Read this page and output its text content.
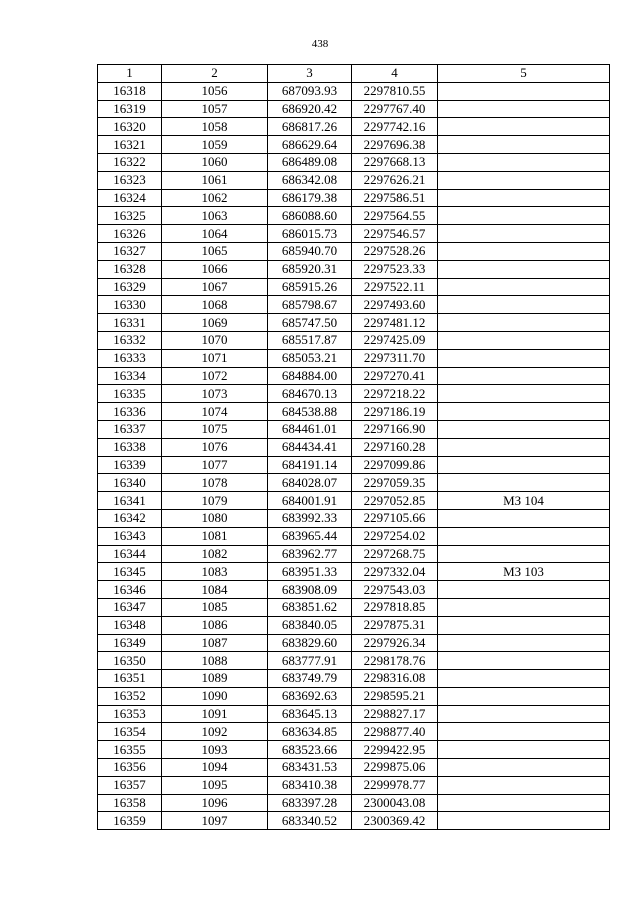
438
1	2	3	4	5
16318	1056	687093.93	2297810.55	
16319	1057	686920.42	2297767.40	
16320	1058	686817.26	2297742.16	
16321	1059	686629.64	2297696.38	
16322	1060	686489.08	2297668.13	
16323	1061	686342.08	2297626.21	
16324	1062	686179.38	2297586.51	
16325	1063	686088.60	2297564.55	
16326	1064	686015.73	2297546.57	
16327	1065	685940.70	2297528.26	
16328	1066	685920.31	2297523.33	
16329	1067	685915.26	2297522.11	
16330	1068	685798.67	2297493.60	
16331	1069	685747.50	2297481.12	
16332	1070	685517.87	2297425.09	
16333	1071	685053.21	2297311.70	
16334	1072	684884.00	2297270.41	
16335	1073	684670.13	2297218.22	
16336	1074	684538.88	2297186.19	
16337	1075	684461.01	2297166.90	
16338	1076	684434.41	2297160.28	
16339	1077	684191.14	2297099.86	
16340	1078	684028.07	2297059.35	
16341	1079	684001.91	2297052.85	МЗ 104
16342	1080	683992.33	2297105.66	
16343	1081	683965.44	2297254.02	
16344	1082	683962.77	2297268.75	
16345	1083	683951.33	2297332.04	МЗ 103
16346	1084	683908.09	2297543.03	
16347	1085	683851.62	2297818.85	
16348	1086	683840.05	2297875.31	
16349	1087	683829.60	2297926.34	
16350	1088	683777.91	2298178.76	
16351	1089	683749.79	2298316.08	
16352	1090	683692.63	2298595.21	
16353	1091	683645.13	2298827.17	
16354	1092	683634.85	2298877.40	
16355	1093	683523.66	2299422.95	
16356	1094	683431.53	2299875.06	
16357	1095	683410.38	2299978.77	
16358	1096	683397.28	2300043.08	
16359	1097	683340.52	2300369.42	
